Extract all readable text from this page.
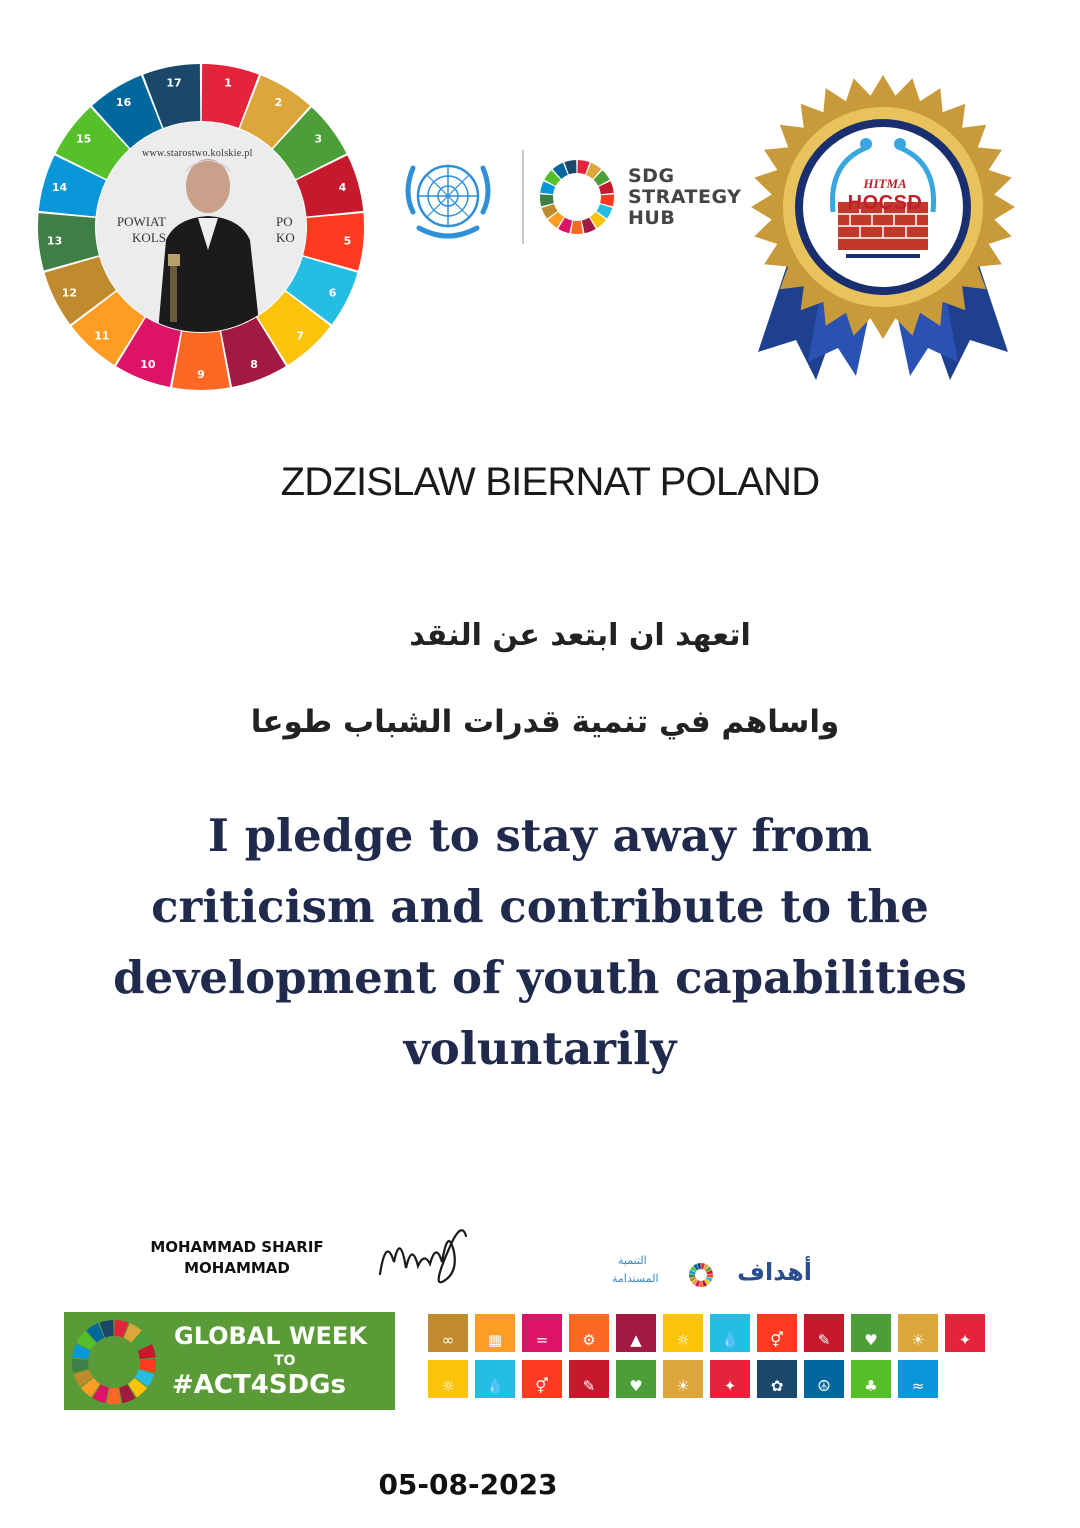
1
2
3
4
5
6
7
8
9
10
11
12
13
14
15
16
17
www.starostwo.kolskie.pl
POWIAT
KOLS
PO
KO
SDG
STRATEGY
HUB
HITMA
HOCSD
ZDZISLAW BIERNAT POLAND
اتعهد ان ابتعد عن النقد
واساهم في تنمية قدرات الشباب طوعا
I pledge to stay away from criticism and contribute to the development of youth capabilities voluntarily
MOHAMMAD SHARIF
MOHAMMAD
GLOBAL WEEK
TO
#ACT4SDGs
أهداف
التنمية
المستدامة
✦
☀
♥
✎
⚥
💧
☼
▲
⚙
=
▦
∞
≈
♣
☮
✿
✦
☀
♥
✎
⚥
💧
☼
05-08-2023
